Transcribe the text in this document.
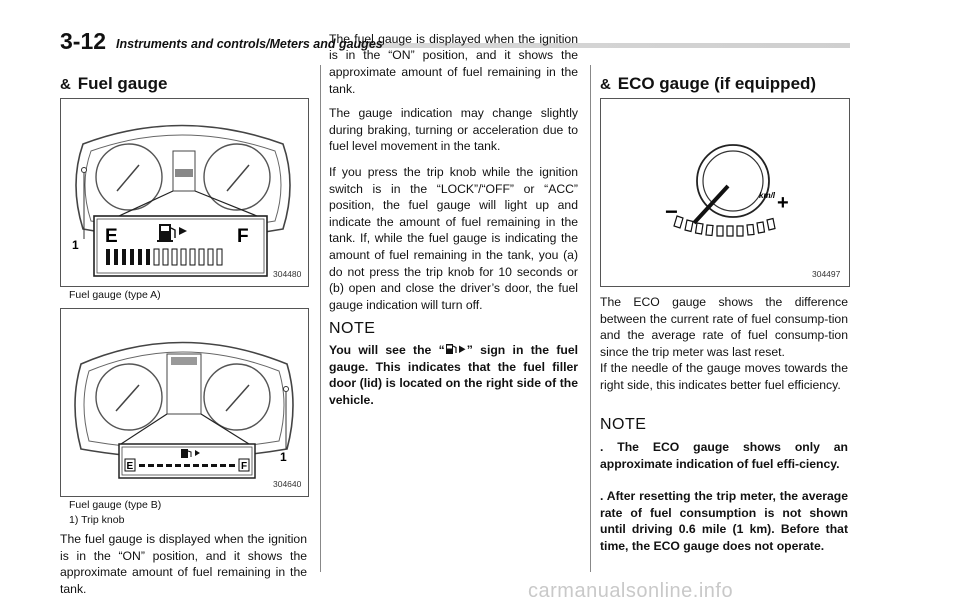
3-12 Instruments and controls/Meters and gauges
& Fuel gauge
1 E	F
304480
Fuel gauge (type A)
1
E	F
304640
Fuel gauge (type B)
1) Trip knob
The fuel gauge is displayed when the ignition is in the “ON” position, and it shows the approximate amount of fuel remaining in the tank.
The fuel gauge is displayed when the ignition is in the “ON” position, and it shows the approximate amount of fuel remaining in the tank.
The gauge indication may change slightly during braking, turning or acceleration due to fuel level movement in the tank.
If you press the trip knob while the ignition switch is in the “LOCK”/“OFF” or “ACC” position, the fuel gauge will light up and indicate the amount of fuel remaining in the tank. If, while the fuel gauge is indicating the amount of fuel remaining in the tank, you (a) do not press the trip knob for 10 seconds or (b) open and close the driver’s door, the fuel gauge indication will turn off.
NOTE
You will see the “ ” sign in the fuel gauge. This indicates that the fuel filler door (lid) is located on the right side of the vehicle.
& ECO gauge (if equipped)
−	+
km/l
304497
The ECO gauge shows the difference between the current rate of fuel consump-tion and the average rate of fuel consump-tion since the trip meter was last reset.
If the needle of the gauge moves towards the right side, this indicates better fuel efficiency.
NOTE
. The ECO gauge shows only an approximate indication of fuel effi-ciency.
. After resetting the trip meter, the average rate of fuel consumption is not shown until driving 0.6 mile (1 km). Before that time, the ECO gauge does not operate.
carmanualsonline.info
